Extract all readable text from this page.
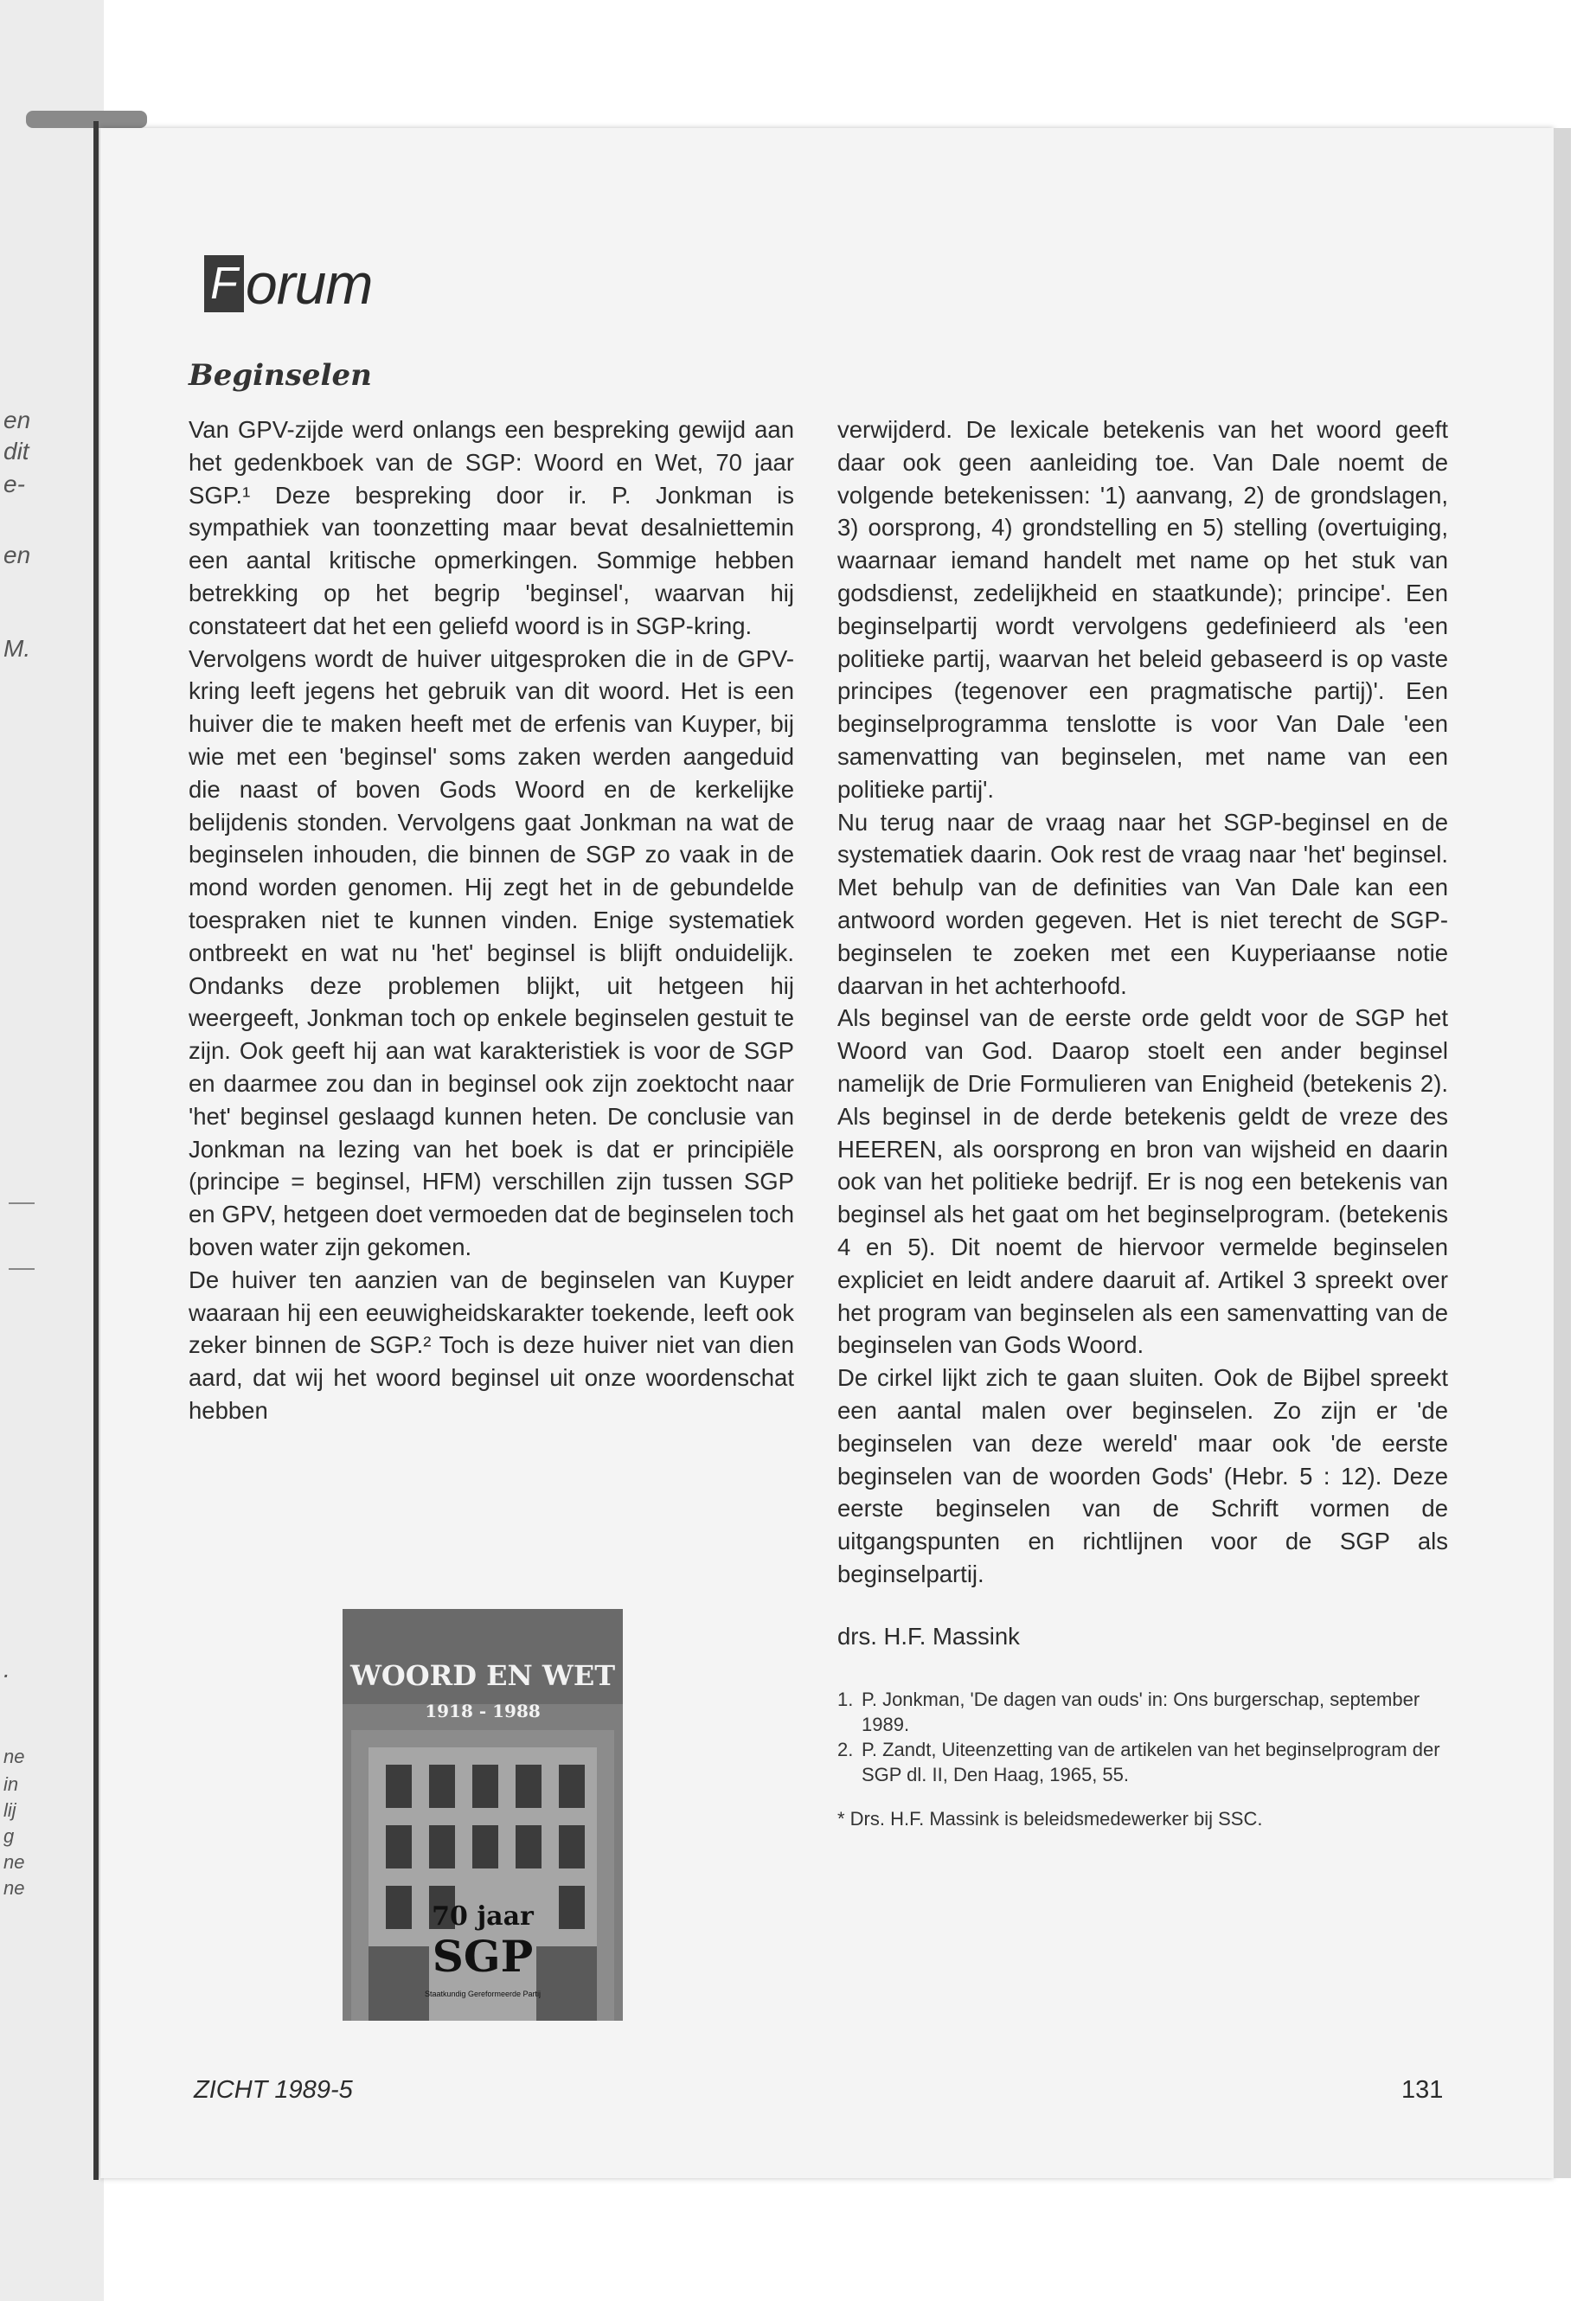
en
dit
e-
en
M.
.
ne
in
lij
g
ne
ne
F orum
Beginselen

Van GPV-zijde werd onlangs een bespreking gewijd aan het gedenkboek van de SGP: Woord en Wet, 70 jaar SGP.¹ Deze bespreking door ir. P. Jonkman is sympathiek van toonzetting maar bevat desalniettemin een aantal kritische opmerkingen. Sommige hebben betrekking op het begrip 'beginsel', waarvan hij constateert dat het een geliefd woord is in SGP-kring.

Vervolgens wordt de huiver uitgesproken die in de GPV-kring leeft jegens het gebruik van dit woord. Het is een huiver die te maken heeft met de erfenis van Kuyper, bij wie met een 'beginsel' soms zaken werden aangeduid die naast of boven Gods Woord en de kerkelijke belijdenis stonden. Vervolgens gaat Jonkman na wat de beginselen inhouden, die binnen de SGP zo vaak in de mond worden genomen. Hij zegt het in de gebundelde toespraken niet te kunnen vinden. Enige systematiek ontbreekt en wat nu 'het' beginsel is blijft onduidelijk. Ondanks deze problemen blijkt, uit hetgeen hij weergeeft, Jonkman toch op enkele beginselen gestuit te zijn. Ook geeft hij aan wat karakteristiek is voor de SGP en daarmee zou dan in beginsel ook zijn zoektocht naar 'het' beginsel geslaagd kunnen heten. De conclusie van Jonkman na lezing van het boek is dat er principiële (principe = beginsel, HFM) verschillen zijn tussen SGP en GPV, hetgeen doet vermoeden dat de beginselen toch boven water zijn gekomen.

De huiver ten aanzien van de beginselen van Kuyper waaraan hij een eeuwigheidskarakter toekende, leeft ook zeker binnen de SGP.² Toch is deze huiver niet van dien aard, dat wij het woord beginsel uit onze woordenschat hebben

WOORD EN WET
1918 - 1988
70 jaar
SGP
Staatkundig Gereformeerde Partij

verwijderd. De lexicale betekenis van het woord geeft daar ook geen aanleiding toe. Van Dale noemt de volgende betekenissen: '1) aanvang, 2) de grondslagen, 3) oorsprong, 4) grondstelling en 5) stelling (overtuiging, waarnaar iemand handelt met name op het stuk van godsdienst, zedelijkheid en staatkunde); principe'. Een beginselpartij wordt vervolgens gedefinieerd als 'een politieke partij, waarvan het beleid gebaseerd is op vaste principes (tegenover een pragmatische partij)'. Een beginselprogramma tenslotte is voor Van Dale 'een samenvatting van beginselen, met name van een politieke partij'.

Nu terug naar de vraag naar het SGP-beginsel en de systematiek daarin. Ook rest de vraag naar 'het' beginsel. Met behulp van de definities van Van Dale kan een antwoord worden gegeven. Het is niet terecht de SGP-beginselen te zoeken met een Kuyperiaanse notie daarvan in het achterhoofd.

Als beginsel van de eerste orde geldt voor de SGP het Woord van God. Daarop stoelt een ander beginsel namelijk de Drie Formulieren van Enigheid (betekenis 2). Als beginsel in de derde betekenis geldt de vreze des HEEREN, als oorsprong en bron van wijsheid en daarin ook van het politieke bedrijf. Er is nog een betekenis van beginsel als het gaat om het beginselprogram. (betekenis 4 en 5). Dit noemt de hiervoor vermelde beginselen expliciet en leidt andere daaruit af. Artikel 3 spreekt over het program van beginselen als een samenvatting van de beginselen van Gods Woord.

De cirkel lijkt zich te gaan sluiten. Ook de Bijbel spreekt een aantal malen over beginselen. Zo zijn er 'de beginselen van deze wereld' maar ook 'de eerste beginselen van de woorden Gods' (Hebr. 5 : 12). Deze eerste beginselen van de Schrift vormen de uitgangspunten en richtlijnen voor de SGP als beginselpartij.

drs. H.F. Massink

1. P. Jonkman, 'De dagen van ouds' in: Ons burgerschap, september 1989.
2. P. Zandt, Uiteenzetting van de artikelen van het beginselprogram der SGP dl. II, Den Haag, 1965, 55.
* Drs. H.F. Massink is beleidsmedewerker bij SSC.
ZICHT 1989-5	131
